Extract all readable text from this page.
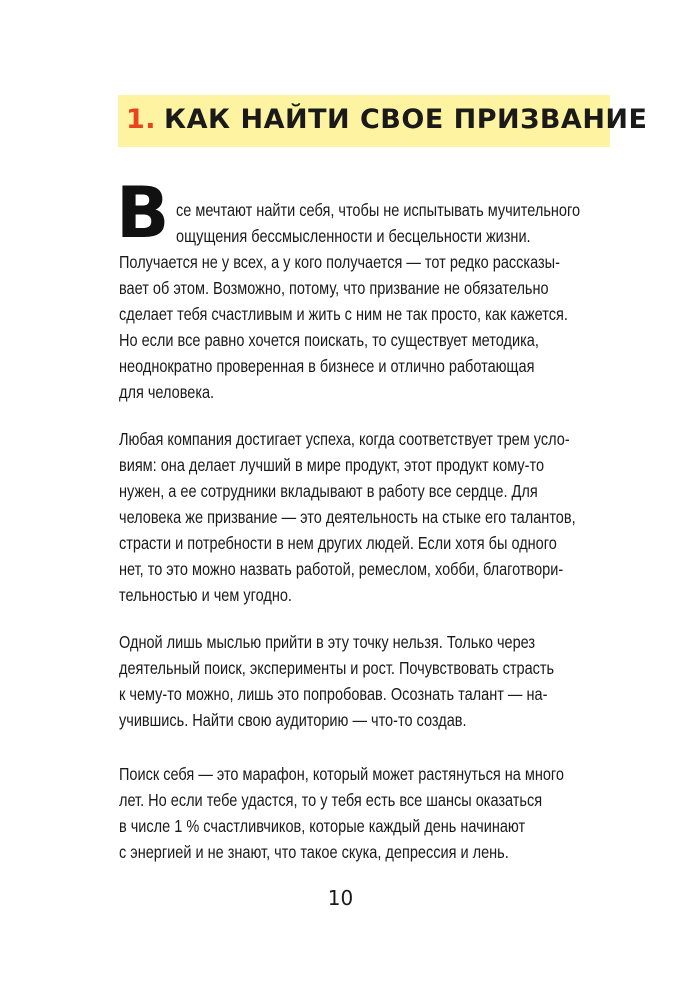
1. КАК НАЙТИ СВОЕ ПРИЗВАНИЕ
В се мечтают найти себя, чтобы не испытывать мучительного
ощущения бессмысленности и бесцельности жизни.
Получается не у всех, а у кого получается — тот редко рассказы-
вает об этом. Возможно, потому, что призвание не обязательно
сделает тебя счастливым и жить с ним не так просто, как кажется.
Но если все равно хочется поискать, то существует методика,
неоднократно проверенная в бизнесе и отлично работающая
для человека.
Любая компания достигает успеха, когда соответствует трем усло-
виям: она делает лучший в мире продукт, этот продукт кому-то
нужен, а ее сотрудники вкладывают в работу все сердце. Для
человека же призвание — это деятельность на стыке его талантов,
страсти и потребности в нем других людей. Если хотя бы одного
нет, то это можно назвать работой, ремеслом, хобби, благотвори-
тельностью и чем угодно.
Одной лишь мыслью прийти в эту точку нельзя. Только через
деятельный поиск, эксперименты и рост. Почувствовать страсть
к чему-то можно, лишь это попробовав. Осознать талант — на-
учившись. Найти свою аудиторию — что-то создав.
Поиск себя — это марафон, который может растянуться на много
лет. Но если тебе удастся, то у тебя есть все шансы оказаться
в числе 1 % счастливчиков, которые каждый день начинают
с энергией и не знают, что такое скука, депрессия и лень.
10
